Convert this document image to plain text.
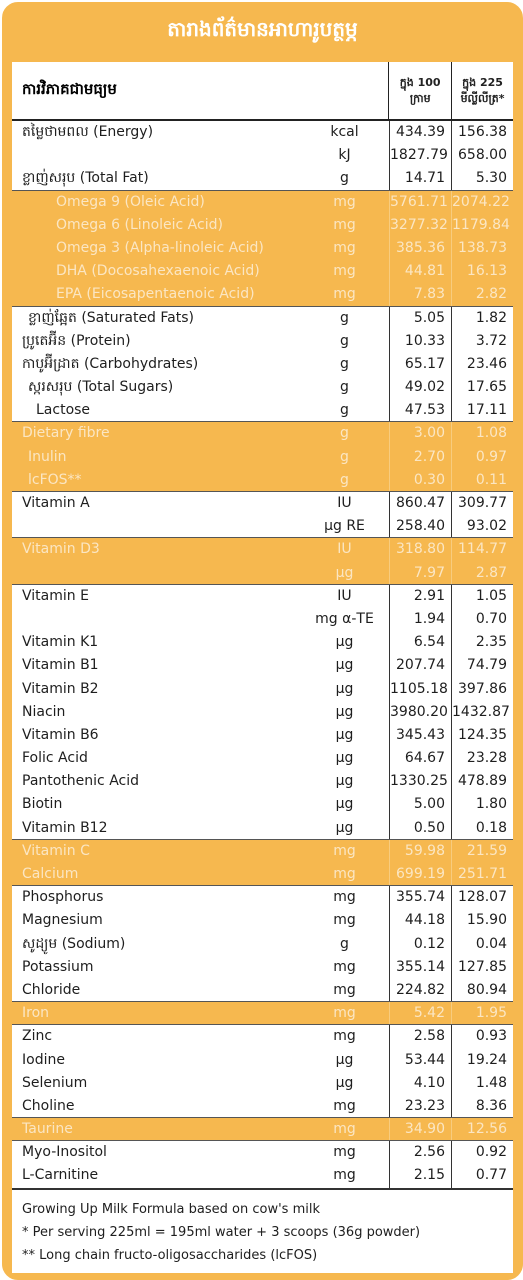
តារាងព័ត៌មានអាហារូបត្ថម្ភ
ការវិភាគជាមធ្យម	ក្នុង 100
ក្រាម
ក្នុង 225
មីល្លីលីត្រ*
តម្លៃថាមពល (Energy)	kcal	434.39 156.38
kJ	1827.79 658.00
ខ្លាញ់សរុប (Total Fat)	g	14.71	5.30
Omega 9 (Oleic Acid)	mg	5761.71 2074.22
Omega 6 (Linoleic Acid)	mg	3277.32 1179.84
Omega 3 (Alpha-linoleic Acid)	mg	385.36 138.73
DHA (Docosahexaenoic Acid)	mg	44.81	16.13
EPA (Eicosapentaenoic Acid)	mg	7.83	2.82
ខ្លាញ់ឆ្អែត (Saturated Fats)	g	5.05	1.82
ប្រូតេអ៊ីន (Protein)	g	10.33	3.72
កាបូអ៊ីដ្រាត (Carbohydrates)	g	65.17	23.46
ស្ករសរុប (Total Sugars)	g	49.02	17.65
Lactose	g	47.53	17.11
Dietary fibre	g	3.00	1.08
Inulin	g	2.70	0.97
lcFOS**	g	0.30	0.11
Vitamin A	IU	860.47 309.77
µg RE	258.40	93.02
Vitamin D3	IU	318.80 114.77
µg	7.97	2.87
Vitamin E	IU	2.91	1.05
mg α-TE	1.94	0.70
Vitamin K1	µg	6.54	2.35
Vitamin B1	µg	207.74	74.79
Vitamin B2	µg	1105.18 397.86
Niacin	µg	3980.20 1432.87
Vitamin B6	µg	345.43 124.35
Folic Acid	µg	64.67	23.28
Pantothenic Acid	µg	1330.25 478.89
Biotin	µg	5.00	1.80
Vitamin B12	µg	0.50	0.18
Vitamin C	mg	59.98	21.59
Calcium	mg	699.19 251.71
Phosphorus	mg	355.74 128.07
Magnesium	mg	44.18	15.90
សូដ្យូម (Sodium)	g	0.12	0.04
Potassium	mg	355.14 127.85
Chloride	mg	224.82	80.94
Iron	mg	5.42	1.95
Zinc	mg	2.58	0.93
Iodine	µg	53.44	19.24
Selenium	µg	4.10	1.48
Choline	mg	23.23	8.36
Taurine	mg	34.90	12.56
Myo-Inositol	mg	2.56	0.92
L-Carnitine	mg	2.15	0.77
Growing Up Milk Formula based on cow's milk
* Per serving 225ml = 195ml water + 3 scoops (36g powder)
** Long chain fructo-oligosaccharides (lcFOS)
